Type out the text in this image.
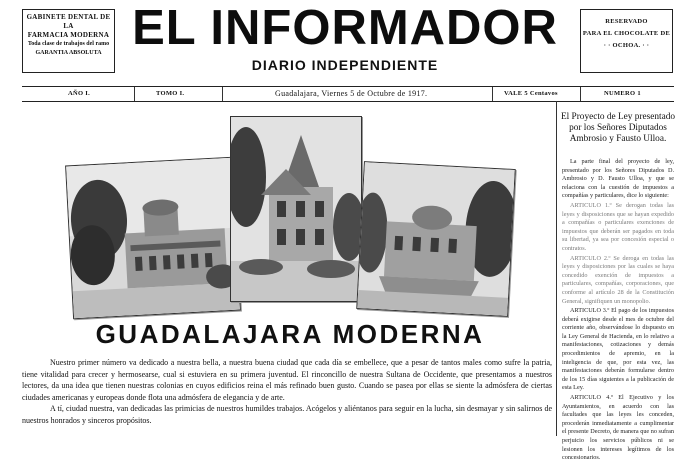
GABINETE DENTAL DE LA
FARMACIA MODERNA
Toda clase de trabajos del ramo
GARANTIA ABSOLUTA
RESERVADO
PARA EL CHOCOLATE DE
· · OCHOA. · ·
EL INFORMADOR
DIARIO INDEPENDIENTE
AÑO I.	TOMO I.	Guadalajara, Viernes 5 de Octubre de 1917.	VALE 5 Centavos	NUMERO 1
GUADALAJARA MODERNA

Nuestro primer número va dedicado a nuestra bella, a nuestra buena ciudad que cada día se embellece, que a pesar de tantos males como sufre la patria, tiene vitalidad para crecer y hermosearse, cual si estuviera en su primera juventud. El rinconcillo de nuestra Sultana de Occidente, que presentamos a nuestros lectores, da una idea que tienen nuestras colonias en cuyos edificios reina el más refinado buen gusto. Cuando se pasea por ellas se siente la admósfera de ciertas ciudades americanas y europeas donde flota una admósfera de elegancia y de arte.

A tí, ciudad nuestra, van dedicadas las primicias de nuestros humildes trabajos. Acógelos y aliéntanos para seguir en la lucha, sin desmayar y sin salirnos de nuestros honrados y sinceros propósitos.

El Proyecto de Ley presentado por los Señores Diputados Ambrosio y Fausto Ulloa.

La parte final del proyecto de ley, presentado por los Señores Diputados D. Ambrosio y D. Fausto Ulloa, y que se relaciona con la cuestión de impuestos a compañías y particulares, dice lo siguiente:

ARTICULO 1.º Se derogan todas las leyes y disposiciones que se hayan expedido a compañías o particulares exenciones de impuestos que deberán ser pagados en toda su libertad, ya sea por concesión especial o contratos.

ARTICULO 2.º Se deroga en todas las leyes y disposiciones por las cuales se haya concedido exención de impuestos a particulares, compañías, corporaciones, que conforme al artículo 28 de la Constitución General, signifiquen un monopolio.

ARTICULO 3.º El pago de los impuestos deberá exigirse desde el mes de octubre del corriente año, observándose lo dispuesto en la Ley General de Hacienda, en lo relativo a manifestaciones, cotizaciones y demás procedimientos de apremio, en la inteligencia de que, por esta vez, las manifestaciones deberán formularse dentro de los 15 días siguientes a la publicación de esta Ley.

ARTICULO 4.º El Ejecutivo y los Ayuntamientos, en acuerdo con las facultades que las leyes les conceden, procederán inmediatamente a cumplimentar el presente Decreto, de manera que no sufran perjuicio los servicios públicos ni se lesionen los intereses legítimos de los concesionarios.
